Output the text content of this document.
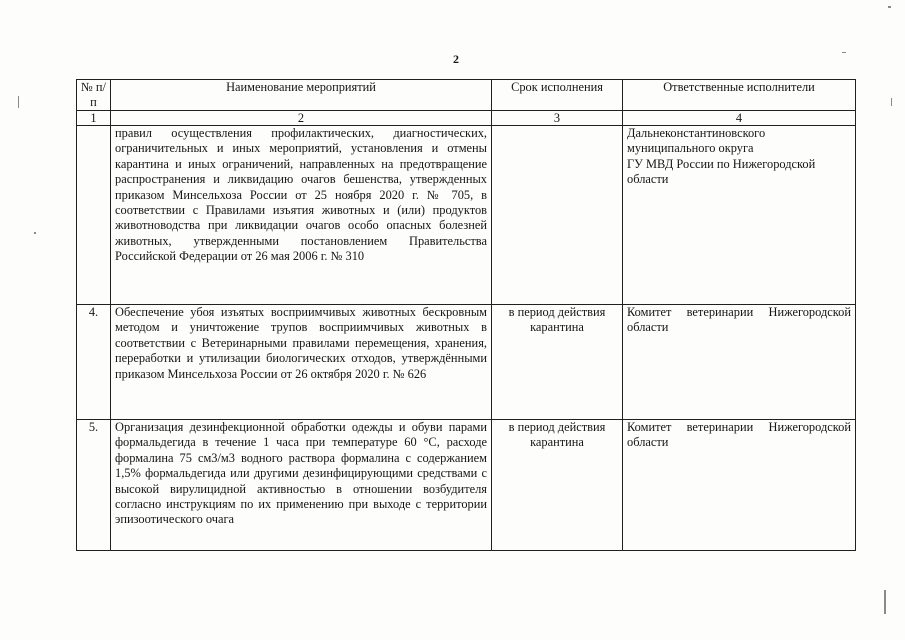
2
№ п/п	Наименование мероприятий	Срок исполнения	Ответственные исполнители
1	2	3	4
	правил осуществления профилактических, диагностических, ограничительных и иных мероприятий, установления и отмены карантина и иных ограничений, направленных на предотвращение распространения и ликвидацию очагов бешенства, утвержденных приказом Минсельхоза России от 25 ноября 2020 г. № 705, в соответствии с Правилами изъятия животных и (или) продуктов животноводства при ликвидации очагов особо опасных болезней животных, утвержденными постановлением Правительства Российской Федерации от 26 мая 2006 г. № 310		Дальнеконстантиновского муниципального округа
ГУ МВД России по Нижегородской области

4.	Обеспечение убоя изъятых восприимчивых животных бескровным методом и уничтожение трупов восприимчивых животных в соответствии с Ветеринарными правилами перемещения, хранения, переработки и утилизации биологических отходов, утверждёнными приказом Минсельхоза России от 26 октября 2020 г. № 626	в период действия карантина	Комитет ветеринарии Нижегородской области

5.	Организация дезинфекционной обработки одежды и обуви парами формальдегида в течение 1 часа при температуре 60 °С, расходе формалина 75 см3/м3 водного раствора формалина с содержанием 1,5% формальдегида или другими дезинфицирующими средствами с высокой вирулицидной активностью в отношении возбудителя согласно инструкциям по их применению при выходе с территории эпизоотического очага	в период действия карантина	Комитет ветеринарии Нижегородской области
